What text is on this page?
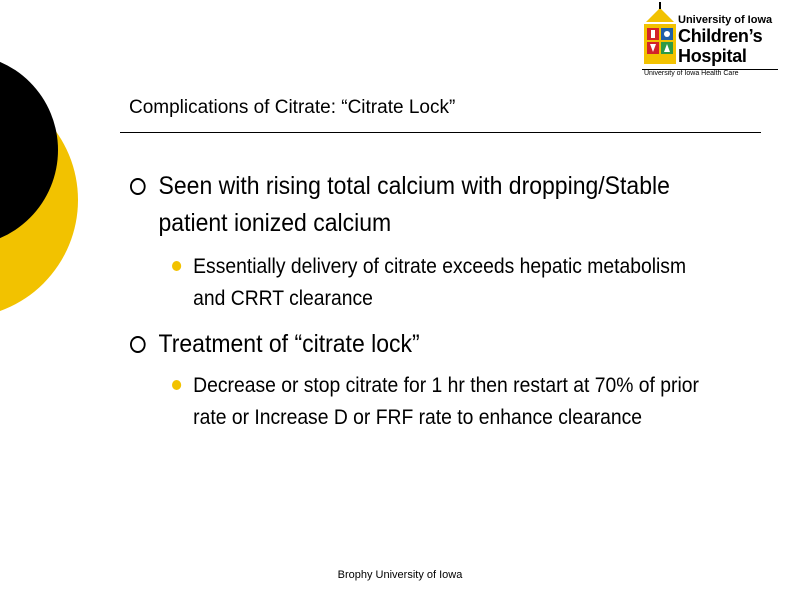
University of Iowa
Children’s
Hospital
University of Iowa Health Care
Complications of Citrate: “Citrate Lock”
Seen with rising total calcium with dropping/Stable patient ionized calcium
Essentially delivery of citrate exceeds hepatic metabolism and CRRT clearance
Treatment of “citrate lock”
Decrease or stop citrate for 1 hr then restart at 70% of prior rate or Increase D or FRF rate to enhance clearance
Brophy University of Iowa
